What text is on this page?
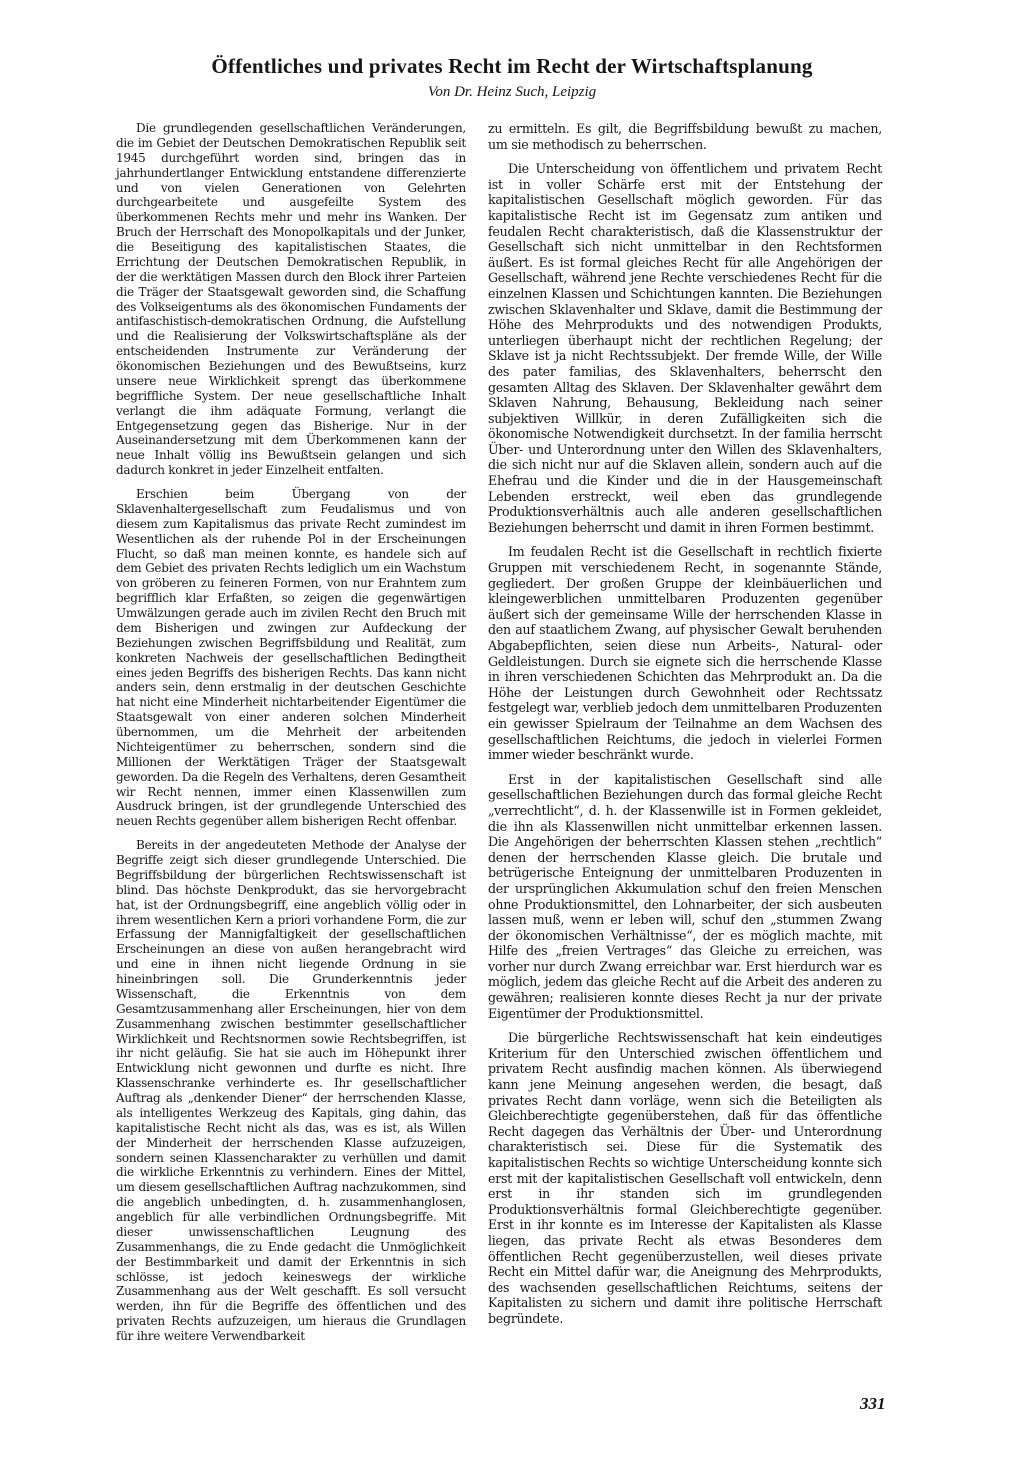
Öffentliches und privates Recht im Recht der Wirtschaftsplanung
Von Dr. Heinz Such, Leipzig

Die grundlegenden gesellschaftlichen Veränderungen, die im Gebiet der Deutschen Demokratischen Republik seit 1945 durchgeführt worden sind, bringen das in jahrhundertlanger Entwicklung entstandene differenzierte und von vielen Generationen von Gelehrten durchgearbeitete und ausgefeilte System des überkommenen Rechts mehr und mehr ins Wanken. Der Bruch der Herrschaft des Monopolkapitals und der Junker, die Beseitigung des kapitalistischen Staates, die Errichtung der Deutschen Demokratischen Republik, in der die werktätigen Massen durch den Block ihrer Parteien die Träger der Staatsgewalt geworden sind, die Schaffung des Volkseigentums als des ökonomischen Fundaments der antifaschistisch-demokratischen Ordnung, die Aufstellung und die Realisierung der Volkswirtschaftspläne als der entscheidenden Instrumente zur Veränderung der ökonomischen Beziehungen und des Bewußtseins, kurz unsere neue Wirklichkeit sprengt das überkommene begriffliche System. Der neue gesellschaftliche Inhalt verlangt die ihm adäquate Formung, verlangt die Entgegensetzung gegen das Bisherige. Nur in der Auseinandersetzung mit dem Überkommenen kann der neue Inhalt völlig ins Bewußtsein gelangen und sich dadurch konkret in jeder Einzelheit entfalten.

Erschien beim Übergang von der Sklavenhaltergesellschaft zum Feudalismus und von diesem zum Kapitalismus das private Recht zumindest im Wesentlichen als der ruhende Pol in der Erscheinungen Flucht, so daß man meinen konnte, es handele sich auf dem Gebiet des privaten Rechts lediglich um ein Wachstum von gröberen zu feineren Formen, von nur Erahntem zum begrifflich klar Erfaßten, so zeigen die gegenwärtigen Umwälzungen gerade auch im zivilen Recht den Bruch mit dem Bisherigen und zwingen zur Aufdeckung der Beziehungen zwischen Begriffsbildung und Realität, zum konkreten Nachweis der gesellschaftlichen Bedingtheit eines jeden Begriffs des bisherigen Rechts. Das kann nicht anders sein, denn erstmalig in der deutschen Geschichte hat nicht eine Minderheit nichtarbeitender Eigentümer die Staatsgewalt von einer anderen solchen Minderheit übernommen, um die Mehrheit der arbeitenden Nichteigentümer zu beherrschen, sondern sind die Millionen der Werktätigen Träger der Staatsgewalt geworden. Da die Regeln des Verhaltens, deren Gesamtheit wir Recht nennen, immer einen Klassenwillen zum Ausdruck bringen, ist der grundlegende Unterschied des neuen Rechts gegenüber allem bisherigen Recht offenbar.

Bereits in der angedeuteten Methode der Analyse der Begriffe zeigt sich dieser grundlegende Unterschied. Die Begriffsbildung der bürgerlichen Rechtswissenschaft ist blind. Das höchste Denkprodukt, das sie hervorgebracht hat, ist der Ordnungsbegriff, eine angeblich völlig oder in ihrem wesentlichen Kern a priori vorhandene Form, die zur Erfassung der Mannigfaltigkeit der gesellschaftlichen Erscheinungen an diese von außen herangebracht wird und eine in ihnen nicht liegende Ordnung in sie hineinbringen soll. Die Grunderkenntnis jeder Wissenschaft, die Erkenntnis von dem Gesamtzusammenhang aller Erscheinungen, hier von dem Zusammenhang zwischen bestimmter gesellschaftlicher Wirklichkeit und Rechtsnormen sowie Rechtsbegriffen, ist ihr nicht geläufig. Sie hat sie auch im Höhepunkt ihrer Entwicklung nicht gewonnen und durfte es nicht. Ihre Klassenschranke verhinderte es. Ihr gesellschaftlicher Auftrag als „denkender Diener“ der herrschenden Klasse, als intelligentes Werkzeug des Kapitals, ging dahin, das kapitalistische Recht nicht als das, was es ist, als Willen der Minderheit der herrschenden Klasse aufzuzeigen, sondern seinen Klassencharakter zu verhüllen und damit die wirkliche Erkenntnis zu verhindern. Eines der Mittel, um diesem gesellschaftlichen Auftrag nachzukommen, sind die angeblich unbedingten, d. h. zusammenhanglosen, angeblich für alle verbindlichen Ordnungsbegriffe. Mit dieser unwissenschaftlichen Leugnung des Zusammenhangs, die zu Ende gedacht die Unmöglichkeit der Bestimmbarkeit und damit der Erkenntnis in sich schlösse, ist jedoch keineswegs der wirkliche Zusammenhang aus der Welt geschafft. Es soll versucht werden, ihn für die Begriffe des öffentlichen und des privaten Rechts aufzuzeigen, um hieraus die Grundlagen für ihre weitere Verwendbarkeit

zu ermitteln. Es gilt, die Begriffsbildung bewußt zu machen, um sie methodisch zu beherrschen.

Die Unterscheidung von öffentlichem und privatem Recht ist in voller Schärfe erst mit der Entstehung der kapitalistischen Gesellschaft möglich geworden. Für das kapitalistische Recht ist im Gegensatz zum antiken und feudalen Recht charakteristisch, daß die Klassenstruktur der Gesellschaft sich nicht unmittelbar in den Rechtsformen äußert. Es ist formal gleiches Recht für alle Angehörigen der Gesellschaft, während jene Rechte verschiedenes Recht für die einzelnen Klassen und Schichtungen kannten. Die Beziehungen zwischen Sklavenhalter und Sklave, damit die Bestimmung der Höhe des Mehrprodukts und des notwendigen Produkts, unterliegen überhaupt nicht der rechtlichen Regelung; der Sklave ist ja nicht Rechtssubjekt. Der fremde Wille, der Wille des pater familias, des Sklavenhalters, beherrscht den gesamten Alltag des Sklaven. Der Sklavenhalter gewährt dem Sklaven Nahrung, Behausung, Bekleidung nach seiner subjektiven Willkür, in deren Zufälligkeiten sich die ökonomische Notwendigkeit durchsetzt. In der familia herrscht Über- und Unterordnung unter den Willen des Sklavenhalters, die sich nicht nur auf die Sklaven allein, sondern auch auf die Ehefrau und die Kinder und die in der Hausgemeinschaft Lebenden erstreckt, weil eben das grundlegende Produktionsverhältnis auch alle anderen gesellschaftlichen Beziehungen beherrscht und damit in ihren Formen bestimmt.

Im feudalen Recht ist die Gesellschaft in rechtlich fixierte Gruppen mit verschiedenem Recht, in sogenannte Stände, gegliedert. Der großen Gruppe der kleinbäuerlichen und kleingewerblichen unmittelbaren Produzenten gegenüber äußert sich der gemeinsame Wille der herrschenden Klasse in den auf staatlichem Zwang, auf physischer Gewalt beruhenden Abgabepflichten, seien diese nun Arbeits-, Natural- oder Geldleistungen. Durch sie eignete sich die herrschende Klasse in ihren verschiedenen Schichten das Mehrprodukt an. Da die Höhe der Leistungen durch Gewohnheit oder Rechtssatz festgelegt war, verblieb jedoch dem unmittelbaren Produzenten ein gewisser Spielraum der Teilnahme an dem Wachsen des gesellschaftlichen Reichtums, die jedoch in vielerlei Formen immer wieder beschränkt wurde.

Erst in der kapitalistischen Gesellschaft sind alle gesellschaftlichen Beziehungen durch das formal gleiche Recht „verrechtlicht“, d. h. der Klassenwille ist in Formen gekleidet, die ihn als Klassenwillen nicht unmittelbar erkennen lassen. Die Angehörigen der beherrschten Klassen stehen „rechtlich“ denen der herrschenden Klasse gleich. Die brutale und betrügerische Enteignung der unmittelbaren Produzenten in der ursprünglichen Akkumulation schuf den freien Menschen ohne Produktionsmittel, den Lohnarbeiter, der sich ausbeuten lassen muß, wenn er leben will, schuf den „stummen Zwang der ökonomischen Verhältnisse“, der es möglich machte, mit Hilfe des „freien Vertrages“ das Gleiche zu erreichen, was vorher nur durch Zwang erreichbar war. Erst hierdurch war es möglich, jedem das gleiche Recht auf die Arbeit des anderen zu gewähren; realisieren konnte dieses Recht ja nur der private Eigentümer der Produktionsmittel.

Die bürgerliche Rechtswissenschaft hat kein eindeutiges Kriterium für den Unterschied zwischen öffentlichem und privatem Recht ausfindig machen können. Als überwiegend kann jene Meinung angesehen werden, die besagt, daß privates Recht dann vorläge, wenn sich die Beteiligten als Gleichberechtigte gegenüberstehen, daß für das öffentliche Recht dagegen das Verhältnis der Über- und Unterordnung charakteristisch sei. Diese für die Systematik des kapitalistischen Rechts so wichtige Unterscheidung konnte sich erst mit der kapitalistischen Gesellschaft voll entwickeln, denn erst in ihr standen sich im grundlegenden Produktionsverhältnis formal Gleichberechtigte gegenüber. Erst in ihr konnte es im Interesse der Kapitalisten als Klasse liegen, das private Recht als etwas Besonderes dem öffentlichen Recht gegenüberzustellen, weil dieses private Recht ein Mittel dafür war, die Aneignung des Mehrprodukts, des wachsenden gesellschaftlichen Reichtums, seitens der Kapitalisten zu sichern und damit ihre politische Herrschaft begründete.

331
